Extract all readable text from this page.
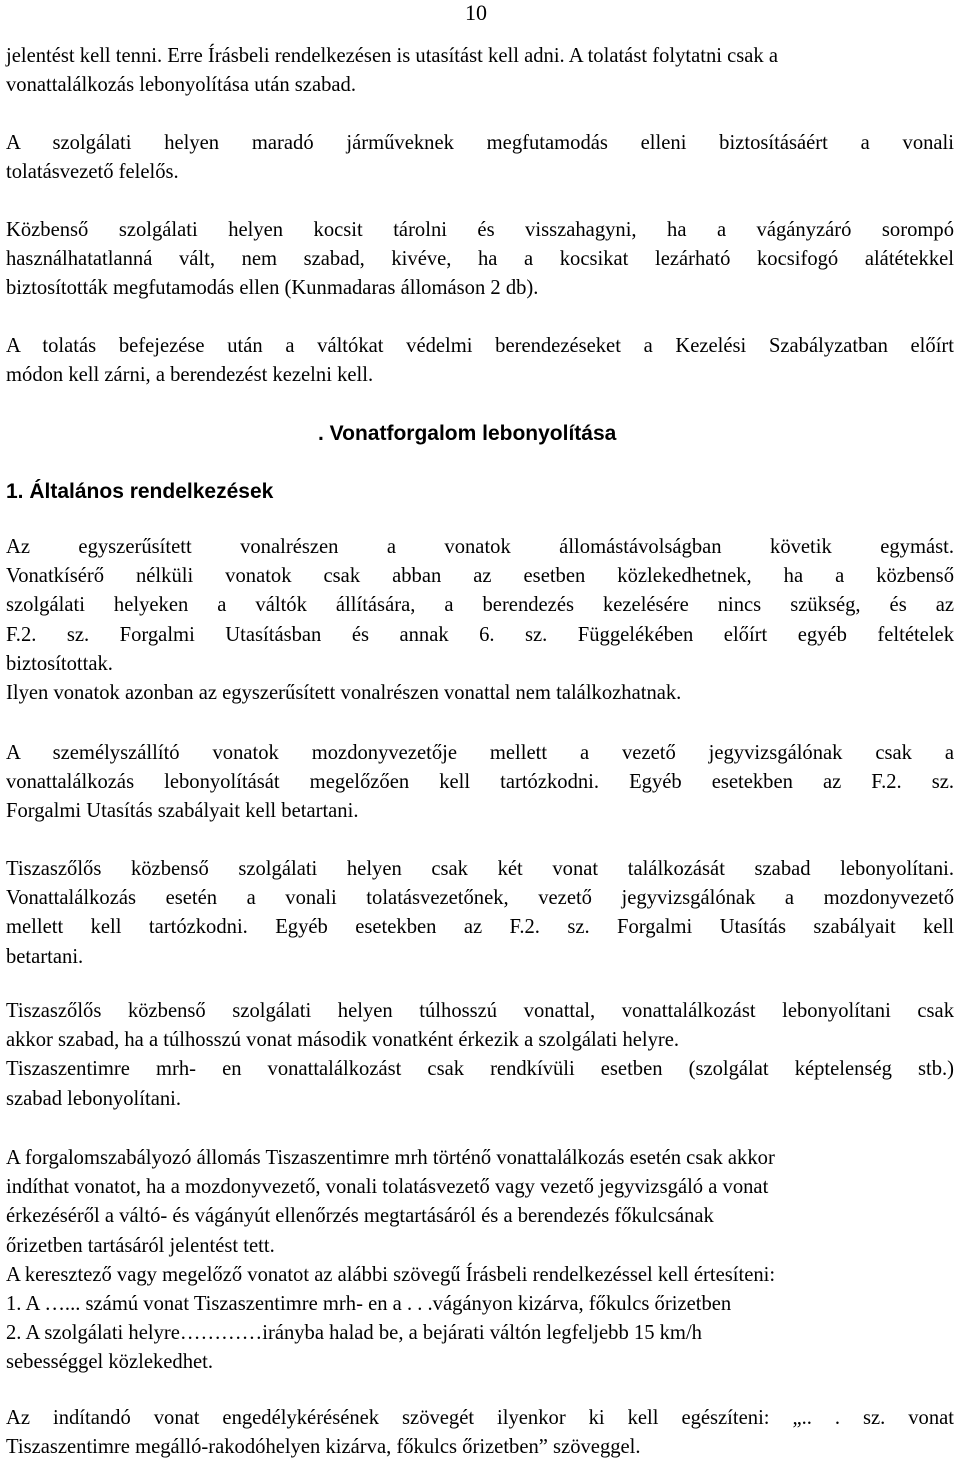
10
jelentést kell tenni. Erre Írásbeli rendelkezésen is utasítást kell adni. A tolatást folytatni csak a
vonattalálkozás lebonyolítása után szabad.
A szolgálati helyen maradó járműveknek megfutamodás elleni biztosításáért a vonali
tolatásvezető felelős.
Közbenső szolgálati helyen kocsit tárolni és visszahagyni, ha a vágányzáró sorompó
használhatatlanná vált, nem szabad, kivéve, ha a kocsikat lezárható kocsifogó alátétekkel
biztosították megfutamodás ellen (Kunmadaras állomáson 2 db).
A tolatás befejezése után a váltókat védelmi berendezéseket a Kezelési Szabályzatban előírt
módon kell zárni, a berendezést kezelni kell.
. Vonatforgalom lebonyolítása
1. Általános rendelkezések
Az egyszerűsített vonalrészen a vonatok állomástávolságban követik egymást.
Vonatkísérő nélküli vonatok csak abban az esetben közlekedhetnek, ha a közbenső
szolgálati helyeken a váltók állítására, a berendezés kezelésére nincs szükség, és az
F.2. sz. Forgalmi Utasításban és annak 6. sz. Függelékében előírt egyéb feltételek
biztosítottak.
Ilyen vonatok azonban az egyszerűsített vonalrészen vonattal nem találkozhatnak.
A személyszállító vonatok mozdonyvezetője mellett a vezető jegyvizsgálónak csak a
vonattalálkozás lebonyolítását megelőzően kell tartózkodni. Egyéb esetekben az F.2. sz.
Forgalmi Utasítás szabályait kell betartani.
Tiszaszőlős közbenső szolgálati helyen csak két vonat találkozását szabad lebonyolítani.
Vonattalálkozás esetén a vonali tolatásvezetőnek, vezető jegyvizsgálónak a mozdonyvezető
mellett kell tartózkodni. Egyéb esetekben az F.2. sz. Forgalmi Utasítás szabályait kell
betartani.
Tiszaszőlős közbenső szolgálati helyen túlhosszú vonattal, vonattalálkozást lebonyolítani csak
akkor szabad, ha a túlhosszú vonat második vonatként érkezik a szolgálati helyre.
Tiszaszentimre mrh- en vonattalálkozást csak rendkívüli esetben (szolgálat képtelenség stb.)
szabad lebonyolítani.
A forgalomszabályozó állomás Tiszaszentimre mrh történő vonattalálkozás esetén csak akkor
indíthat vonatot, ha a mozdonyvezető, vonali tolatásvezető vagy vezető jegyvizsgáló a vonat
érkezéséről a váltó- és vágányút ellenőrzés megtartásáról és a berendezés főkulcsának
őrizetben tartásáról jelentést tett.
A keresztező vagy megelőző vonatot az alábbi szövegű Írásbeli rendelkezéssel kell értesíteni:
1. A …... számú vonat Tiszaszentimre mrh- en a . . .vágányon kizárva, főkulcs őrizetben
2. A szolgálati helyre…………irányba halad be, a bejárati váltón legfeljebb 15 km/h
sebességgel közlekedhet.
Az indítandó vonat engedélykérésének szövegét ilyenkor ki kell egészíteni: „.. . sz. vonat
Tiszaszentimre megálló-rakodóhelyen kizárva, főkulcs őrizetben” szöveggel.
